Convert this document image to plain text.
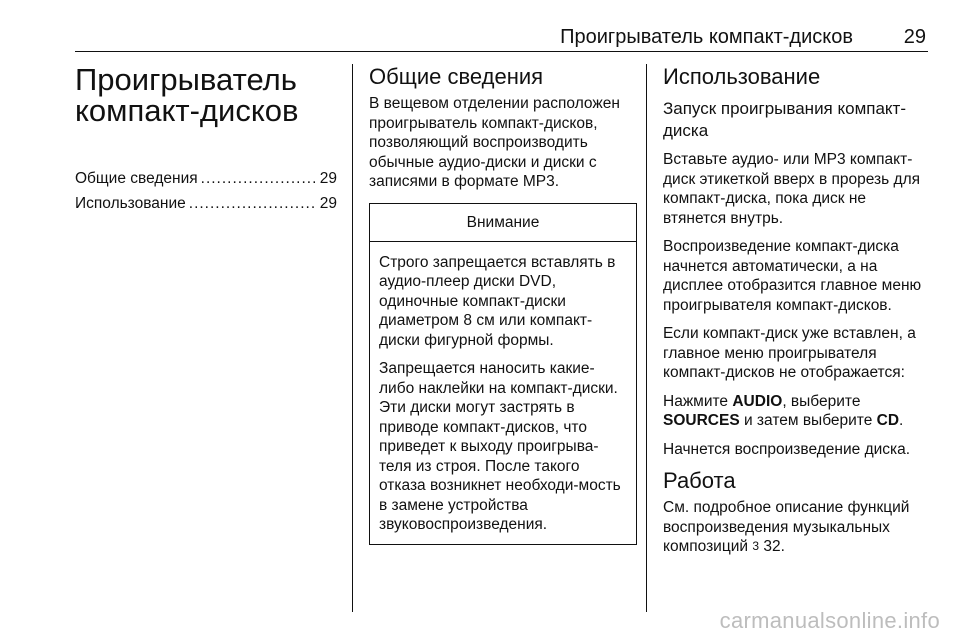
Проигрыватель компакт-дисков	29
Проигрыватель
компакт-дисков
Общие сведения .....	29
Использование .....	29
Общие сведения
В вещевом отделении расположен проигрыватель компакт-дисков, позволяющий воспроизводить обычные аудио-диски и диски с записями в формате MP3.
Внимание
Строго запрещается вставлять в аудио-плеер диски DVD, одиночные компакт-диски диаметром 8 см или компакт-диски фигурной формы.
Запрещается наносить какие-либо наклейки на компакт-диски. Эти диски могут застрять в приводе компакт-дисков, что приведет к выходу проигрыва-теля из строя. После такого отказа возникнет необходи-мость в замене устройства звуковоспроизведения.
Использование
Запуск проигрывания компакт-диска
Вставьте аудио- или MP3 компакт-диск этикеткой вверх в прорезь для компакт-диска, пока диск не втянется внутрь.
Воспроизведение компакт-диска начнется автоматически, а на дисплее отобразится главное меню проигрывателя компакт-дисков.
Если компакт-диск уже вставлен, а главное меню проигрывателя компакт-дисков не отображается:
Нажмите AUDIO, выберите SOURCES и затем выберите CD.
Начнется воспроизведение диска.
Работа
См. подробное описание функций воспроизведения музыкальных композиций 3 32.
carmanualsonline.info
